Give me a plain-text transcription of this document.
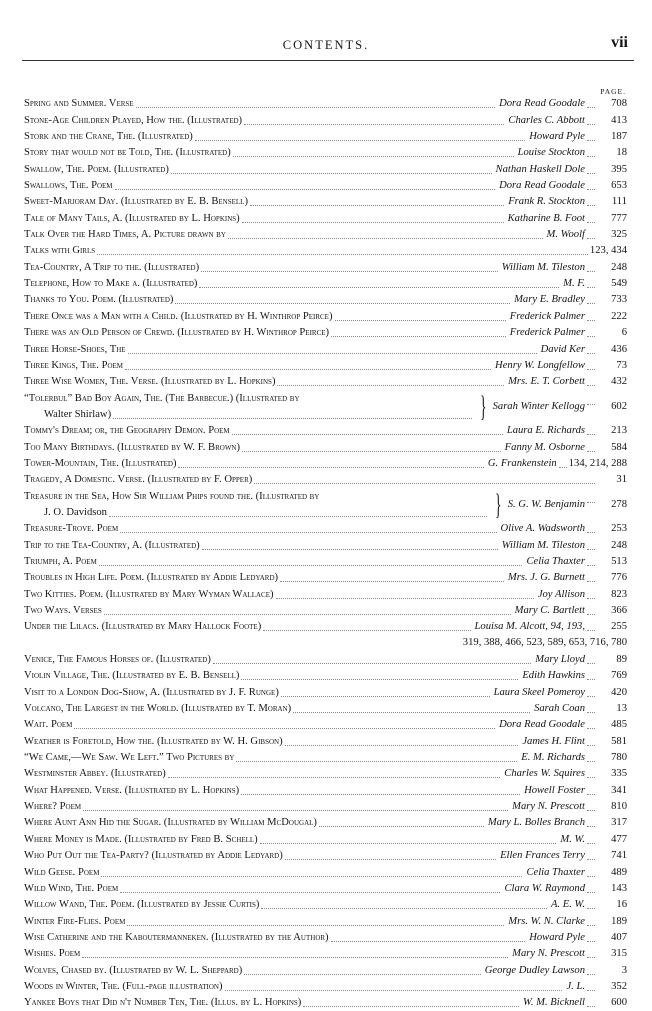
CONTENTS.	vii
PAGE.
Spring and Summer. Verse	Dora Read Goodale	708
Stone-Age Children Played, How the. (Illustrated)	Charles C. Abbott	413
Stork and the Crane, The. (Illustrated)	Howard Pyle	187
Story that would not be Told, The. (Illustrated)	Louise Stockton	18
Swallow, The. Poem. (Illustrated)	Nathan Haskell Dole	395
Swallows, The. Poem	Dora Read Goodale	653
Sweet-Marjoram Day. (Illustrated by E. B. Bensell)	Frank R. Stockton	111
Tale of Many Tails, A. (Illustrated by L. Hopkins)	Katharine B. Foot	777
Talk Over the Hard Times, A. Picture drawn by	M. Woolf	325
Talks with Girls	123, 434
Tea-Country, A Trip to the. (Illustrated)	William M. Tileston	248
Telephone, How to Make a. (Illustrated)	M. F.	549
Thanks to You. Poem. (Illustrated)	Mary E. Bradley	733
There Once was a Man with a Child. (Illustrated by H. Winthrop Peirce)	Frederick Palmer	222
There was an Old Person of Crewd. (Illustrated by H. Winthrop Peirce)	Frederick Palmer	6
Three Horse-Shoes, The	David Ker	436
Three Kings, The. Poem	Henry W. Longfellow	73
Three Wise Women, The. Verse. (Illustrated by L. Hopkins)	Mrs. E. T. Corbett	432
“Tolerbul” Bad Boy Again, The. (The Barbecue.) (Illustrated by
Walter Shirlaw)	} Sarah Winter Kellogg	602
Tommy's Dream; or, the Geography Demon. Poem	Laura E. Richards	213
Too Many Birthdays. (Illustrated by W. F. Brown)	Fanny M. Osborne	584
Tower-Mountain, The. (Illustrated)	G. Frankenstein 134, 214, 288
Tragedy, A Domestic. Verse. (Illustrated by F. Opper)	31
Treasure in the Sea, How Sir William Phips found the. (Illustrated by
J. O. Davidson	} S. G. W. Benjamin	278
Treasure-Trove. Poem	Olive A. Wadsworth	253
Trip to the Tea-Country, A. (Illustrated)	William M. Tileston	248
Triumph, A. Poem	Celia Thaxter	513
Troubles in High Life. Poem. (Illustrated by Addie Ledyard)	Mrs. J. G. Burnett	776
Two Kitties. Poem. (Illustrated by Mary Wyman Wallace)	Joy Allison	823
Two Ways. Verses	Mary C. Bartlett	366
Under the Lilacs. (Illustrated by Mary Hallock Foote)	Louisa M. Alcott, 94, 193,	255
319, 388, 466, 523, 589, 653, 716, 780
Venice, The Famous Horses of. (Illustrated)	Mary Lloyd	89
Violin Village, The. (Illustrated by E. B. Bensell)	Edith Hawkins	769
Visit to a London Dog-Show, A. (Illustrated by J. F. Runge)	Laura Skeel Pomeroy	420
Volcano, The Largest in the World. (Illustrated by T. Moran)	Sarah Coan	13
Wait. Poem	Dora Read Goodale	485
Weather is Foretold, How the. (Illustrated by W. H. Gibson)	James H. Flint	581
“We Came,—We Saw. We Left.” Two Pictures by	E. M. Richards	780
Westminster Abbey. (Illustrated)	Charles W. Squires	335
What Happened. Verse. (Illustrated by L. Hopkins)	Howell Foster	341
Where? Poem	Mary N. Prescott	810
Where Aunt Ann Hid the Sugar. (Illustrated by William McDougal)	Mary L. Bolles Branch	317
Where Money is Made. (Illustrated by Fred B. Schell)	M. W.	477
Who Put Out the Tea-Party? (Illustrated by Addie Ledyard)	Ellen Frances Terry	741
Wild Geese. Poem	Celia Thaxter	489
Wild Wind, The. Poem	Clara W. Raymond	143
Willow Wand, The. Poem. (Illustrated by Jessie Curtis)	A. E. W.	16
Winter Fire-Flies. Poem	Mrs. W. N. Clarke	189
Wise Catherine and the Kaboutermanneken. (Illustrated by the Author)	Howard Pyle	407
Wishes. Poem	Mary N. Prescott	315
Wolves, Chased by. (Illustrated by W. L. Sheppard)	George Dudley Lawson	3
Woods in Winter, The. (Full-page illustration)	J. L.	352
Yankee Boys that Did n't Number Ten, The. (Illus. by L. Hopkins)	W. M. Bicknell	600
